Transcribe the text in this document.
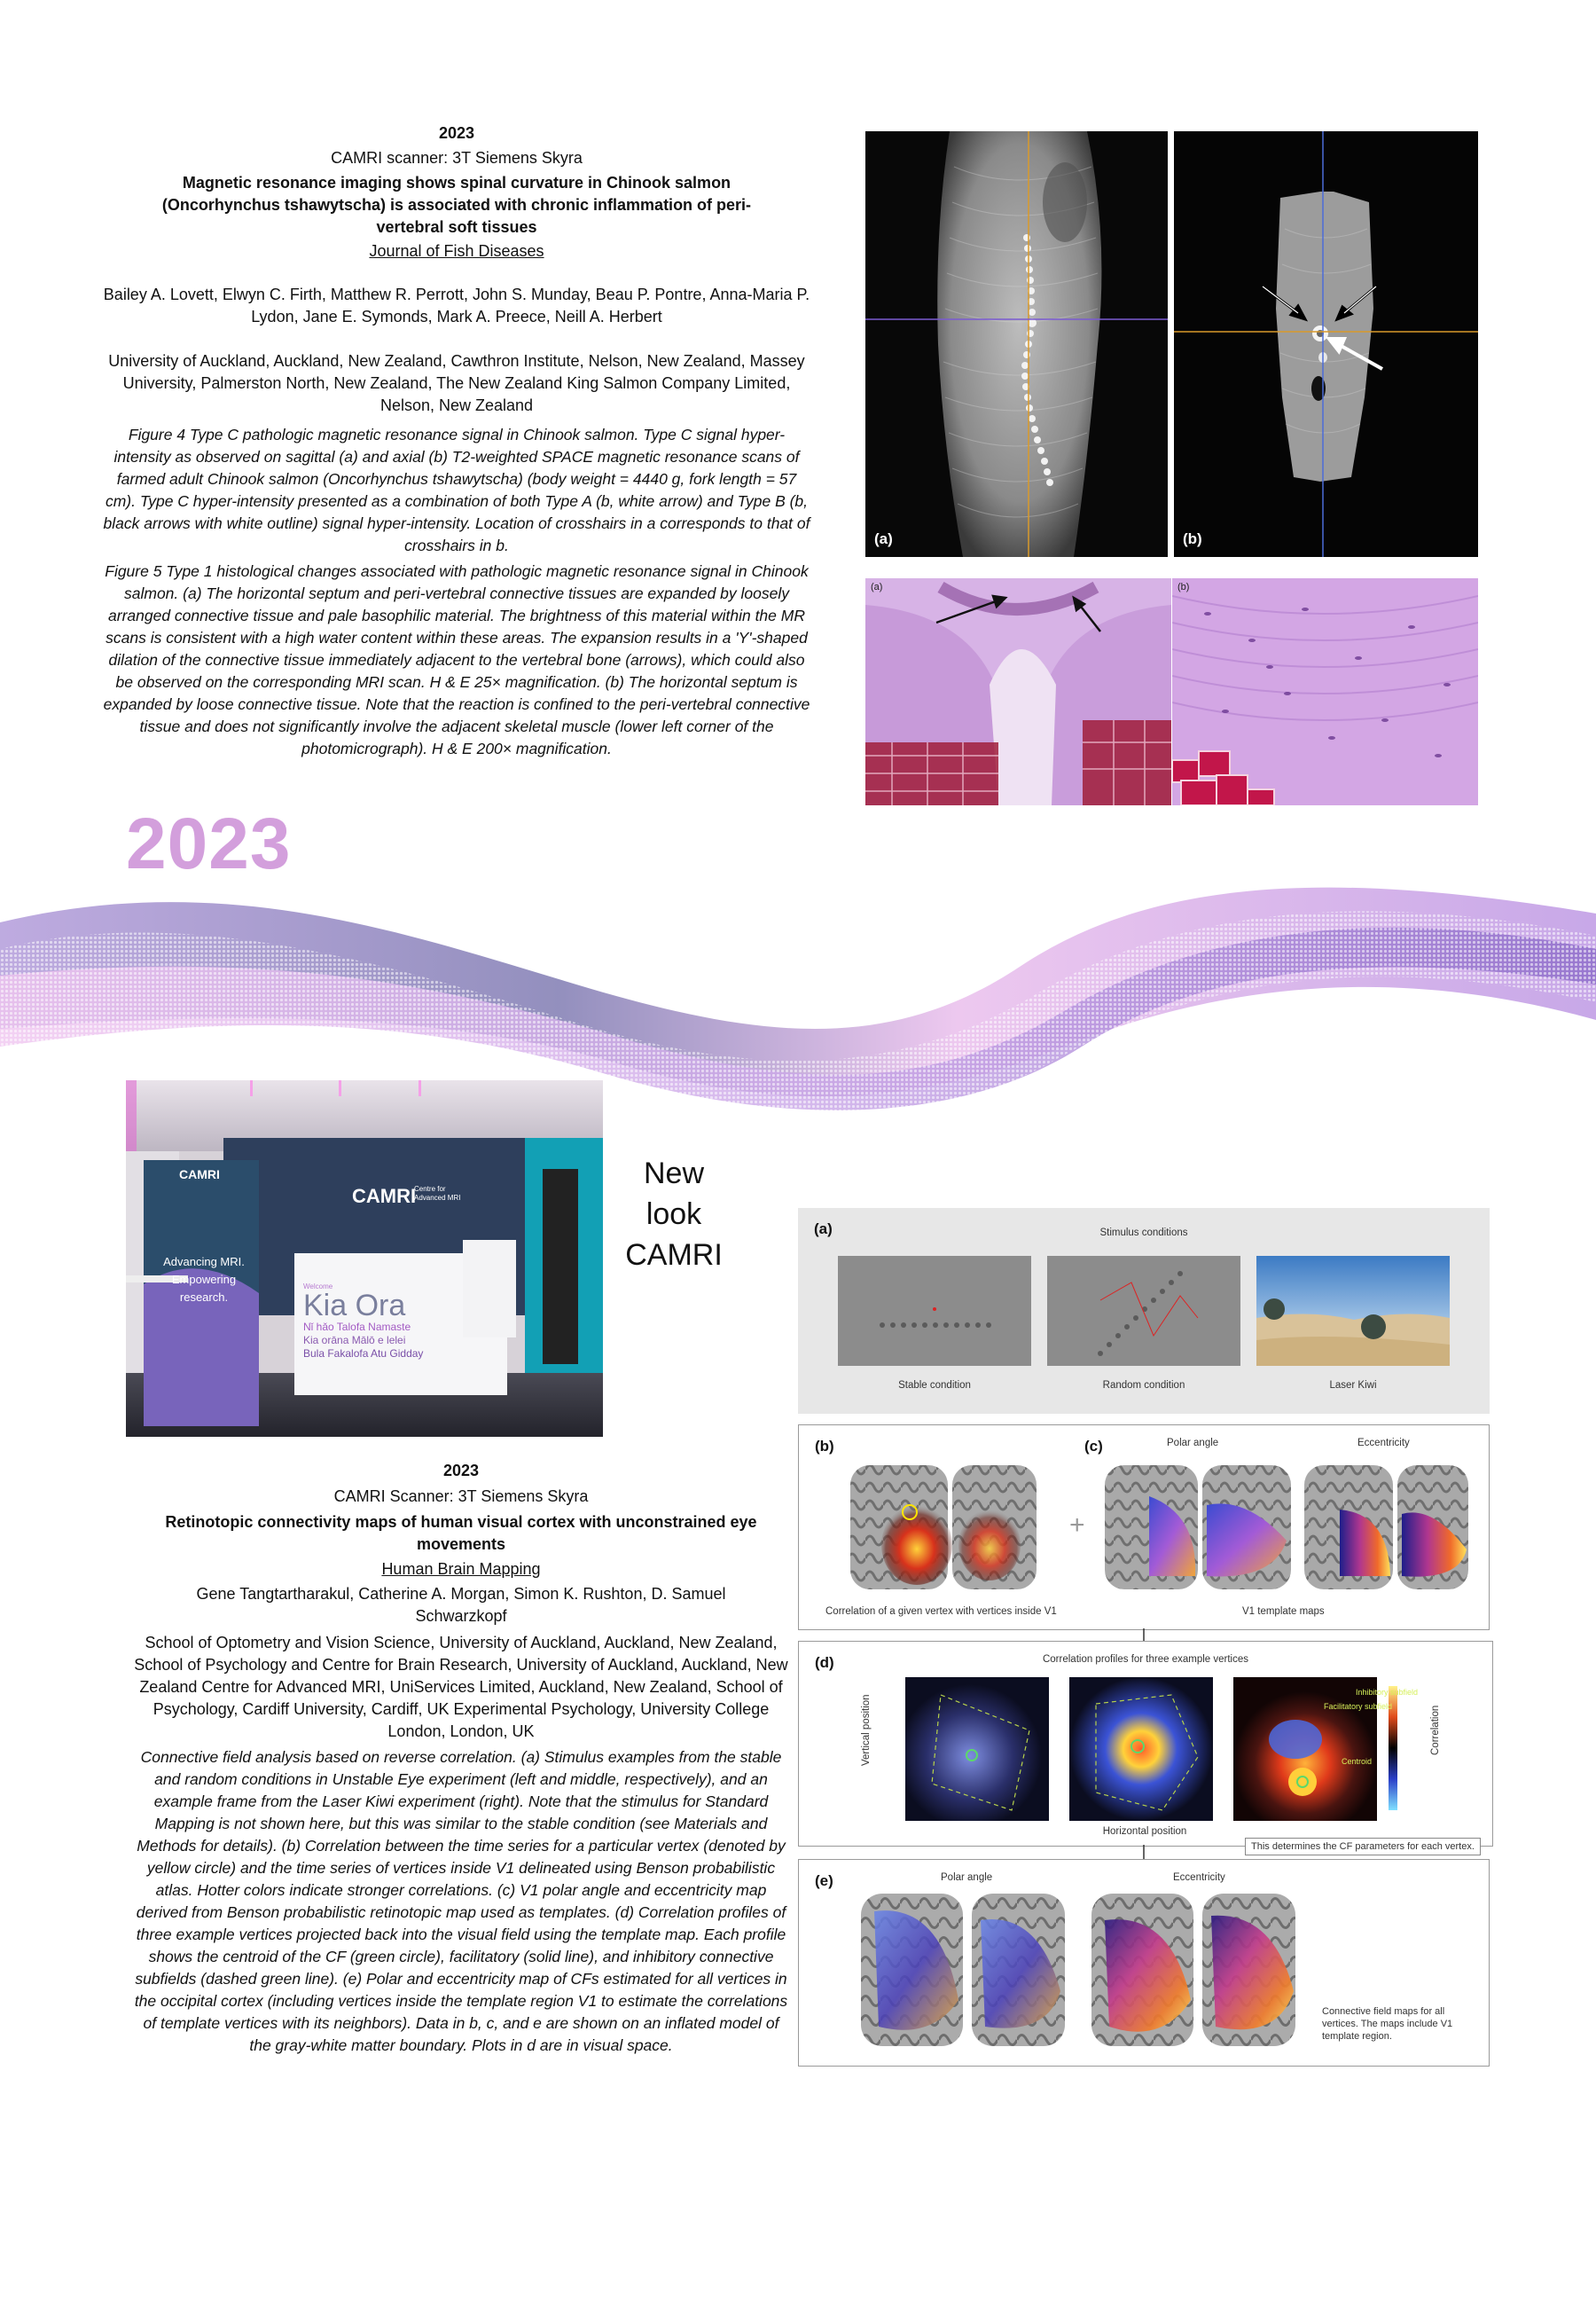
2023
CAMRI scanner: 3T Siemens Skyra
Magnetic resonance imaging shows spinal curvature in Chinook salmon (Oncorhynchus tshawytscha) is associated with chronic inflammation of peri-vertebral soft tissues
Journal of Fish Diseases
Bailey A. Lovett, Elwyn C. Firth, Matthew R. Perrott, John S. Munday, Beau P. Pontre, Anna-Maria P. Lydon, Jane E. Symonds, Mark A. Preece, Neill A. Herbert
University of Auckland, Auckland, New Zealand, Cawthron Institute, Nelson, New Zealand, Massey University, Palmerston North, New Zealand, The New Zealand King Salmon Company Limited, Nelson, New Zealand
Figure 4 Type C pathologic magnetic resonance signal in Chinook salmon. Type C signal hyper-intensity as observed on sagittal (a) and axial (b) T2-weighted SPACE magnetic resonance scans of farmed adult Chinook salmon (Oncorhynchus tshawytscha) (body weight = 4440 g, fork length = 57 cm). Type C hyper-intensity presented as a combination of both Type A (b, white arrow) and Type B (b, black arrows with white outline) signal hyper-intensity. Location of crosshairs in a corresponds to that of crosshairs in b.
Figure 5 Type 1 histological changes associated with pathologic magnetic resonance signal in Chinook salmon. (a) The horizontal septum and peri-vertebral connective tissues are expanded by loosely arranged connective tissue and pale basophilic material. The brightness of this material within the MR scans is consistent with a high water content within these areas. The expansion results in a 'Y'-shaped dilation of the connective tissue immediately adjacent to the vertebral bone (arrows), which could also be observed on the corresponding MRI scan. H & E 25× magnification. (b) The horizontal septum is expanded by loose connective tissue. Note that the reaction is confined to the peri-vertebral connective tissue and does not significantly involve the adjacent skeletal muscle (lower left corner of the photomicrograph). H & E 200× magnification.
(a)	(b)
(a)	(b)
2023
CAMRI
Centre for Advanced MRI
CAMRI
Advancing MRI.
Empowering
research.
Welcome
Kia Ora
Nǐ hǎo Talofa Namaste
Kia orāna Mālō e lelei
Bula Fakalofa Atu Gidday
New
look
CAMRI
2023
CAMRI Scanner: 3T Siemens Skyra
Retinotopic connectivity maps of human visual cortex with unconstrained eye movements
Human Brain Mapping
Gene Tangtartharakul, Catherine A. Morgan, Simon K. Rushton, D. Samuel Schwarzkopf
School of Optometry and Vision Science, University of Auckland, Auckland, New Zealand, School of Psychology and Centre for Brain Research, University of Auckland, Auckland, New Zealand Centre for Advanced MRI, UniServices Limited, Auckland, New Zealand, School of Psychology, Cardiff University, Cardiff, UK Experimental Psychology, University College London, London, UK
Connective field analysis based on reverse correlation. (a) Stimulus examples from the stable and random conditions in Unstable Eye experiment (left and middle, respectively), and an example frame from the Laser Kiwi experiment (right). Note that the stimulus for Standard Mapping is not shown here, but this was similar to the stable condition (see Materials and Methods for details). (b) Correlation between the time series for a particular vertex (denoted by yellow circle) and the time series of vertices inside V1 delineated using Benson probabilistic atlas. Hotter colors indicate stronger correlations. (c) V1 polar angle and eccentricity map derived from Benson probabilistic retinotopic map used as templates. (d) Correlation profiles of three example vertices projected back into the visual field using the template map. Each profile shows the centroid of the CF (green circle), facilitatory (solid line), and inhibitory connective subfields (dashed green line). (e) Polar and eccentricity map of CFs estimated for all vertices in the occipital cortex (including vertices inside the template region V1 to estimate the correlations of template vertices with its neighbors). Data in b, c, and e are shown on an inflated model of the gray-white matter boundary. Plots in d are in visual space.
(a)	Stimulus conditions
Stable condition	Random condition	Laser Kiwi
(b)	(c)	Polar angle	Eccentricity
+
Correlation of a given vertex with vertices inside V1	V1 template maps
(d)	Correlation profiles for three example vertices
Vertical position
Horizontal position
Facilitatory subfield
Inhibitory subfield
Centroid
Correlation
This determines the CF parameters for each vertex.
(e)	Polar angle	Eccentricity
Connective field maps for all vertices. The maps include V1 template region.
